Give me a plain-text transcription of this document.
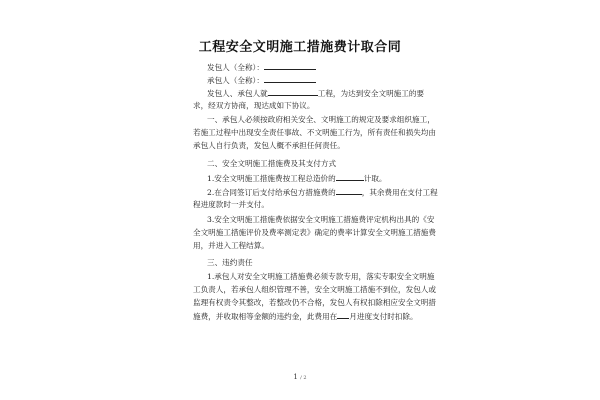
工程安全文明施工措施费计取合同
发包人（全称）：
承包人（全称）：
发包人、承包人就	工程，为达到安全文明施工的要
求，经双方协商，现达成如下协议。
一、承包人必须按政府相关安全、文明施工的规定及要求组织施工，
若施工过程中出现安全责任事故、不文明施工行为，所有责任和损失均由
承包人自行负责，发包人概不承担任何责任。
二、安全文明施工措施费及其支付方式
1.安全文明施工措施费按工程总造价的	计取。
2.在合同签订后支付给承包方措施费的	，其余费用在支付工程
程进度款时一并支付。
3.安全文明施工措施费依据安全文明施工措施费评定机构出具的《安
全文明施工措施评价及费率测定表》确定的费率计算安全文明施工措施费
用，并进入工程结算。
三、违约责任
1.承包人对安全文明施工措施费必须专款专用，落实专职安全文明施
工负责人，若承包人组织管理不善，安全文明施工措施不到位，发包人或
监理有权责令其整改，若整改仍不合格，发包人有权扣除相应安全文明措
施费，并收取相等金额的违约金，此费用在 月进度支付时扣除。
1 / 2
